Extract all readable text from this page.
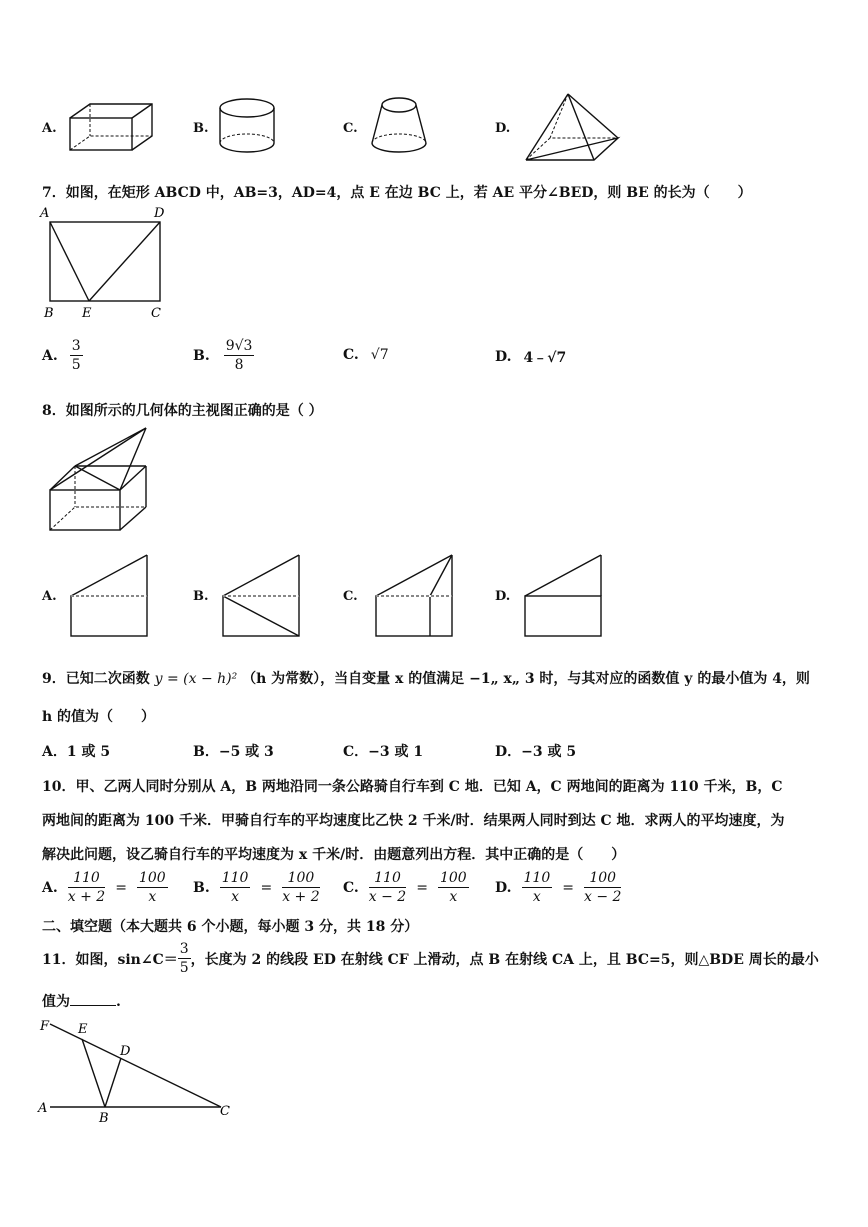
A.	B.	C.	D.
7．如图，在矩形 ABCD 中，AB=3，AD=4，点 E 在边 BC 上，若 AE 平分∠BED，则 BE 的长为（　　）
A	D
B E	C
A. $\frac{3}{5}$	B. $\frac{9√3}{8}$	C. √7	D. 4﹣√7
8．如图所示的几何体的主视图正确的是（ ）
A.	B.	C.	D.
9．已知二次函数 y = (x − h)² （h 为常数），当自变量 x 的值满足 −1„ x„ 3 时，与其对应的函数值 y 的最小值为 4，则
h 的值为（　　）
A．1 或 5	B．−5 或 3	C．−3 或 1	D．−3 或 5
10．甲、乙两人同时分别从 A，B 两地沿同一条公路骑自行车到 C 地．已知 A，C 两地间的距离为 110 千米，B，C
两地间的距离为 100 千米．甲骑自行车的平均速度比乙快 2 千米/时．结果两人同时到达 C 地．求两人的平均速度，为
解决此问题，设乙骑自行车的平均速度为 x 千米/时．由题意列出方程．其中正确的是（　　）
A. $\frac{110}{x + 2} = \frac{100}{x} B$. $\frac{110}{x} = \frac{100}{x + 2} C$. $\frac{110}{x - 2} = \frac{100}{x} D$. $\frac{110}{x} = \frac{100}{x - 2}$
二、填空题（本大题共 6 个小题，每小题 3 分，共 18 分）
11．如图，sin∠C＝ $\frac{3}{5}$ ，长度为 2 的线段 ED 在射线 CF 上滑动，点 B 在射线 CA 上，且 BC=5，则△BDE 周长的最小
值为	.
F E
D
A
B	C
